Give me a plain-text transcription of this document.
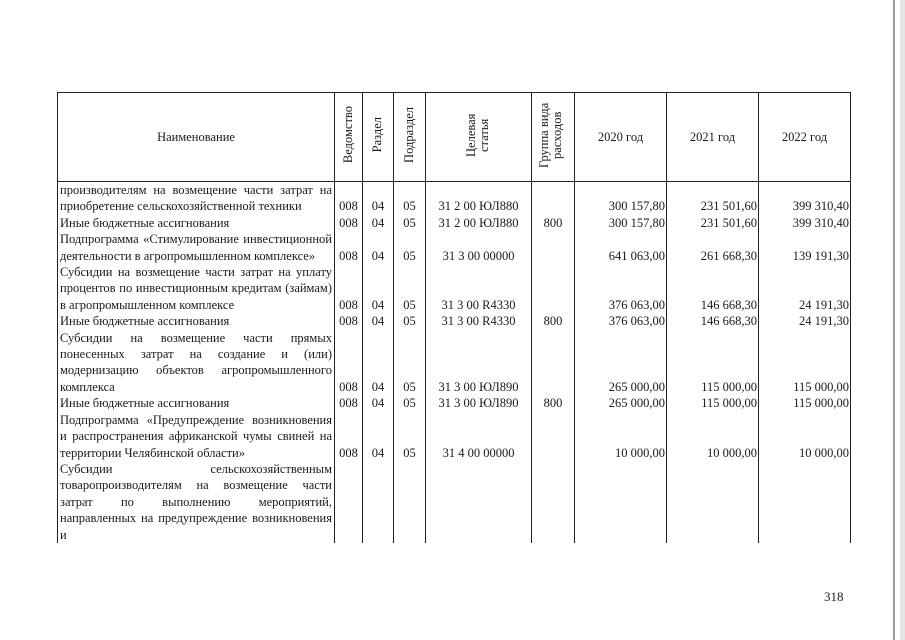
Наименование	Ведомство	Раздел	Подраздел	Целевая статья	Группа вида расходов	2020 год	2021 год	2022 год
производителям на возмещение части затрат на приобретение сельскохозяйственной техники	008	04	05	31 2 00 ЮЛ880		300 157,80	231 501,60	399 310,40
Иные бюджетные ассигнования	008	04	05	31 2 00 ЮЛ880	800	300 157,80	231 501,60	399 310,40
Подпрограмма «Стимулирование инвестиционной деятельности в агропромышленном комплексе»	008	04	05	31 3 00 00000		641 063,00	261 668,30	139 191,30
Субсидии на возмещение части затрат на уплату процентов по инвестиционным кредитам (займам) в агропромышленном комплексе	008	04	05	31 3 00 R4330		376 063,00	146 668,30	24 191,30
Иные бюджетные ассигнования	008	04	05	31 3 00 R4330	800	376 063,00	146 668,30	24 191,30
Субсидии на возмещение части прямых понесенных затрат на создание и (или) модернизацию объектов агропромышленного комплекса	008	04	05	31 3 00 ЮЛ890		265 000,00	115 000,00	115 000,00
Иные бюджетные ассигнования	008	04	05	31 3 00 ЮЛ890	800	265 000,00	115 000,00	115 000,00
Подпрограмма «Предупреждение возникновения и распространения африканской чумы свиней на территории Челябинской области»	008	04	05	31 4 00 00000		10 000,00	10 000,00	10 000,00
Субсидии сельскохозяйственным товаропроизводителям на возмещение части затрат по выполнению мероприятий, направленных на предупреждение возникновения и								
318
